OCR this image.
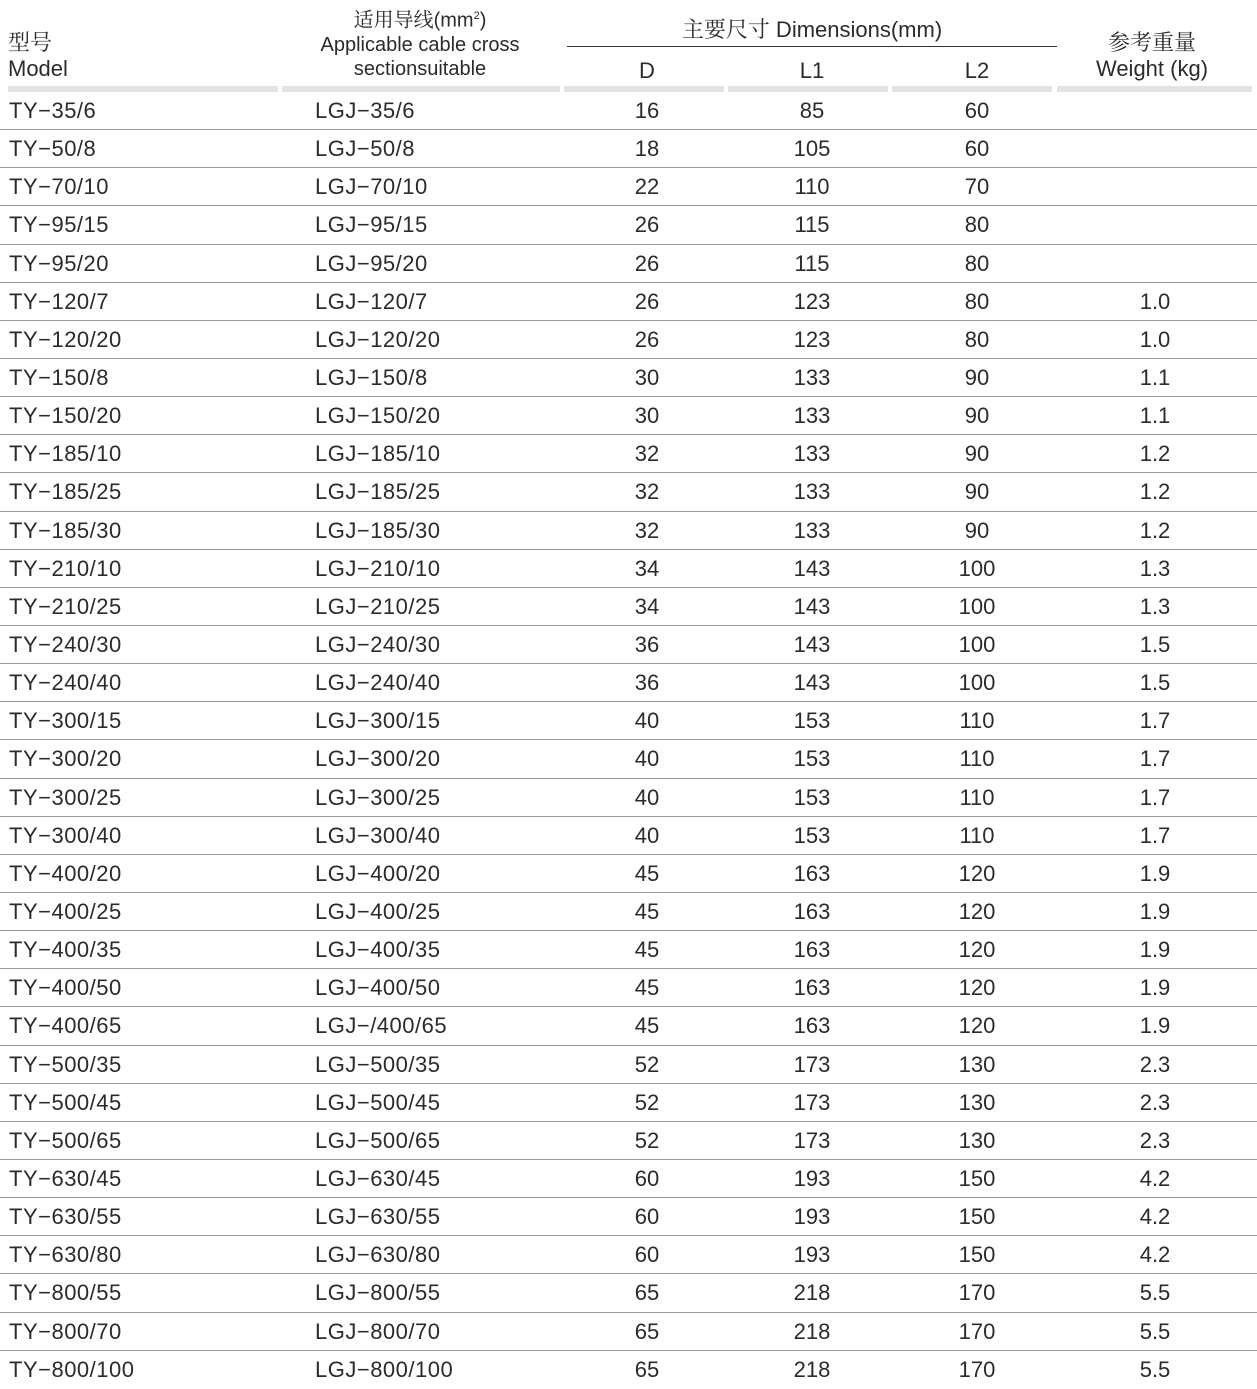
型号
Model
适用导线$(mm^2)$
Applicable cable cross
sectionsuitable
主要尺寸 Dimensions(mm)
D	L1	L2
参考重量
Weight (kg)
TY−35/6	LGJ−35/6	16	85	60
TY−50/8	LGJ−50/8	18	105	60
TY−70/10	LGJ−70/10	22	110	70
TY−95/15	LGJ−95/15	26	115	80
TY−95/20	LGJ−95/20	26	115	80
TY−120/7	LGJ−120/7	26	123	80	1.0
TY−120/20	LGJ−120/20	26	123	80	1.0
TY−150/8	LGJ−150/8	30	133	90	1.1
TY−150/20	LGJ−150/20	30	133	90	1.1
TY−185/10	LGJ−185/10	32	133	90	1.2
TY−185/25	LGJ−185/25	32	133	90	1.2
TY−185/30	LGJ−185/30	32	133	90	1.2
TY−210/10	LGJ−210/10	34	143	100	1.3
TY−210/25	LGJ−210/25	34	143	100	1.3
TY−240/30	LGJ−240/30	36	143	100	1.5
TY−240/40	LGJ−240/40	36	143	100	1.5
TY−300/15	LGJ−300/15	40	153	110	1.7
TY−300/20	LGJ−300/20	40	153	110	1.7
TY−300/25	LGJ−300/25	40	153	110	1.7
TY−300/40	LGJ−300/40	40	153	110	1.7
TY−400/20	LGJ−400/20	45	163	120	1.9
TY−400/25	LGJ−400/25	45	163	120	1.9
TY−400/35	LGJ−400/35	45	163	120	1.9
TY−400/50	LGJ−400/50	45	163	120	1.9
TY−400/65	LGJ−/400/65	45	163	120	1.9
TY−500/35	LGJ−500/35	52	173	130	2.3
TY−500/45	LGJ−500/45	52	173	130	2.3
TY−500/65	LGJ−500/65	52	173	130	2.3
TY−630/45	LGJ−630/45	60	193	150	4.2
TY−630/55	LGJ−630/55	60	193	150	4.2
TY−630/80	LGJ−630/80	60	193	150	4.2
TY−800/55	LGJ−800/55	65	218	170	5.5
TY−800/70	LGJ−800/70	65	218	170	5.5
TY−800/100	LGJ−800/100	65	218	170	5.5
